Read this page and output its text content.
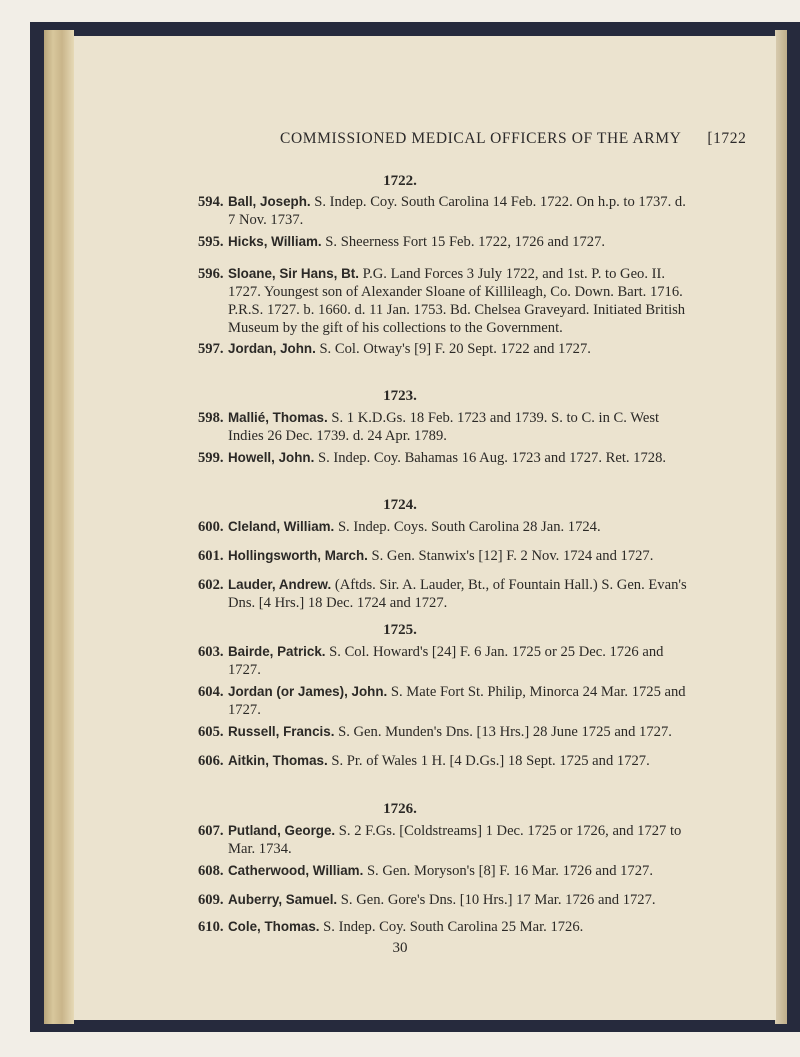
COMMISSIONED MEDICAL OFFICERS OF THE ARMY [1722
1722.
594. Ball, Joseph. S. Indep. Coy. South Carolina 14 Feb. 1722. On h.p. to 1737. d. 7 Nov. 1737.
595. Hicks, William. S. Sheerness Fort 15 Feb. 1722, 1726 and 1727.
596. Sloane, Sir Hans, Bt. P.G. Land Forces 3 July 1722, and 1st. P. to Geo. II. 1727. Youngest son of Alexander Sloane of Killileagh, Co. Down. Bart. 1716. P.R.S. 1727. b. 1660. d. 11 Jan. 1753. Bd. Chelsea Graveyard. Initiated British Museum by the gift of his collections to the Government.
597. Jordan, John. S. Col. Otway's [9] F. 20 Sept. 1722 and 1727.
1723.
598. Mallié, Thomas. S. 1 K.D.Gs. 18 Feb. 1723 and 1739. S. to C. in C. West Indies 26 Dec. 1739. d. 24 Apr. 1789.
599. Howell, John. S. Indep. Coy. Bahamas 16 Aug. 1723 and 1727. Ret. 1728.
1724.
600. Cleland, William. S. Indep. Coys. South Carolina 28 Jan. 1724.
601. Hollingsworth, March. S. Gen. Stanwix's [12] F. 2 Nov. 1724 and 1727.
602. Lauder, Andrew. (Aftds. Sir. A. Lauder, Bt., of Fountain Hall.) S. Gen. Evan's Dns. [4 Hrs.] 18 Dec. 1724 and 1727.
1725.
603. Bairde, Patrick. S. Col. Howard's [24] F. 6 Jan. 1725 or 25 Dec. 1726 and 1727.
604. Jordan (or James), John. S. Mate Fort St. Philip, Minorca 24 Mar. 1725 and 1727.
605. Russell, Francis. S. Gen. Munden's Dns. [13 Hrs.] 28 June 1725 and 1727.
606. Aitkin, Thomas. S. Pr. of Wales 1 H. [4 D.Gs.] 18 Sept. 1725 and 1727.
1726.
607. Putland, George. S. 2 F.Gs. [Coldstreams] 1 Dec. 1725 or 1726, and 1727 to Mar. 1734.
608. Catherwood, William. S. Gen. Moryson's [8] F. 16 Mar. 1726 and 1727.
609. Auberry, Samuel. S. Gen. Gore's Dns. [10 Hrs.] 17 Mar. 1726 and 1727.
610. Cole, Thomas. S. Indep. Coy. South Carolina 25 Mar. 1726.
30
